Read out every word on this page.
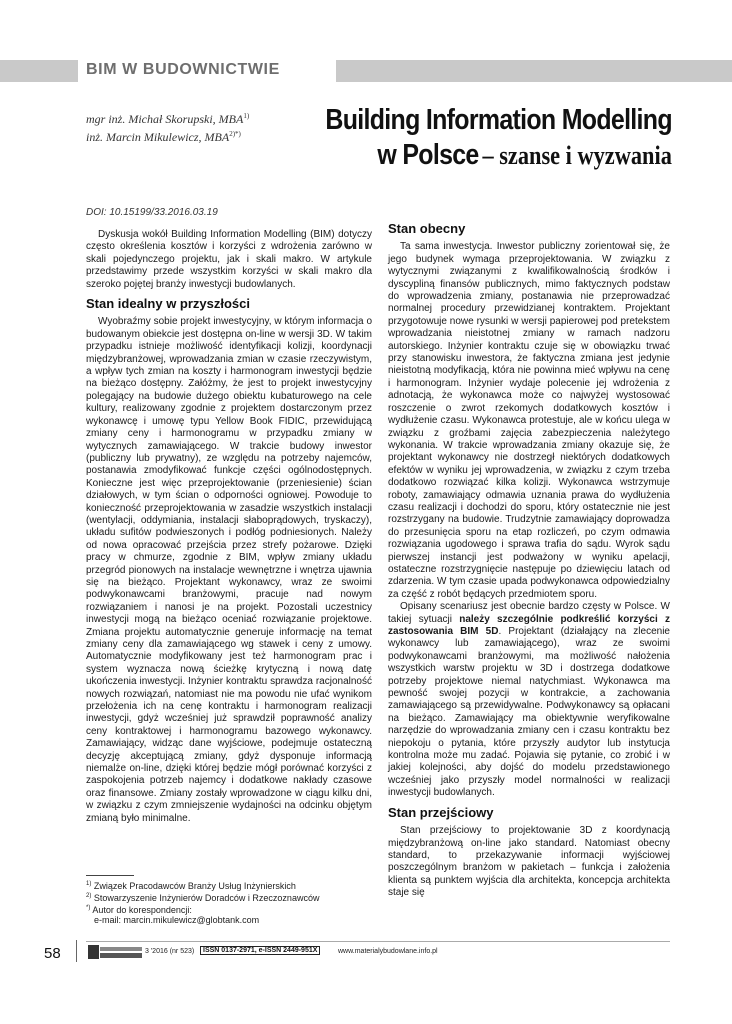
BIM W BUDOWNICTWIE
mgr inż. Michał Skorupski, MBA$^{1)}$
inż. Marcin Mikulewicz, $MBA^{2)*)}$	Building Information Modelling
w Polsce – szanse i wyzwania
DOI: 10.15199/33.2016.03.19

Dyskusja wokół Building Information Modelling (BIM) dotyczy często określenia kosztów i korzyści z wdrożenia zarówno w skali pojedynczego projektu, jak i skali makro. W artykule przedstawimy przede wszystkim korzyści w skali makro dla szeroko pojętej branży inwestycji budowlanych.

Stan idealny w przyszłości

Wyobraźmy sobie projekt inwestycyjny, w którym informacja o budowanym obiekcie jest dostępna on-line w wersji 3D. W takim przypadku istnieje możliwość identyfikacji kolizji, koordynacji międzybranżowej, wprowadzania zmian w czasie rzeczywistym, a wpływ tych zmian na koszty i harmonogram inwestycji będzie na bieżąco dostępny. Załóżmy, że jest to projekt inwestycyjny polegający na budowie dużego obiektu kubaturowego na cele kultury, realizowany zgodnie z projektem dostarczonym przez wykonawcę i umowę typu Yellow Book FIDIC, przewidującą zmiany ceny i harmonogramu w przypadku zmiany w wytycznych zamawiającego. W trakcie budowy inwestor (publiczny lub prywatny), ze względu na potrzeby najemców, postanawia zmodyfikować funkcje części ogólnodostępnych. Konieczne jest więc przeprojektowanie (przeniesienie) ścian działowych, w tym ścian o odporności ogniowej. Powoduje to konieczność przeprojektowania w zasadzie wszystkich instalacji (wentylacji, oddymiania, instalacji słaboprądowych, tryskaczy), układu sufitów podwieszonych i podłóg podniesionych. Należy od nowa opracować przejścia przez strefy pożarowe. Dzięki pracy w chmurze, zgodnie z BIM, wpływ zmiany układu przegród pionowych na instalacje wewnętrzne i wnętrza ujawnia się na bieżąco. Projektant wykonawcy, wraz ze swoimi podwykonawcami branżowymi, pracuje nad nowym rozwiązaniem i nanosi je na projekt. Pozostali uczestnicy inwestycji mogą na bieżąco oceniać rozwiązanie projektowe. Zmiana projektu automatycznie generuje informację na temat zmiany ceny dla zamawiającego wg stawek i ceny z umowy. Automatycznie modyfikowany jest też harmonogram prac i system wyznacza nową ścieżkę krytyczną i nową datę ukończenia inwestycji. Inżynier kontraktu sprawdza racjonalność nowych rozwiązań, natomiast nie ma powodu nie ufać wynikom przełożenia ich na cenę kontraktu i harmonogram realizacji inwestycji, gdyż wcześniej już sprawdził poprawność analizy ceny kontraktowej i harmonogramu bazowego wykonawcy. Zamawiający, widząc dane wyjściowe, podejmuje ostateczną decyzję akceptującą zmiany, gdyż dysponuje informacją niemalże on-line, dzięki której będzie mógł porównać korzyści z zaspokojenia potrzeb najemcy i dodatkowe nakłady czasowe oraz finansowe. Zmiany zostały wprowadzone w ciągu kilku dni, w związku z czym zmniejszenie wydajności na odcinku objętym zmianą było minimalne.

Stan obecny

Ta sama inwestycja. Inwestor publiczny zorientował się, że jego budynek wymaga przeprojektowania. W związku z wytycznymi związanymi z kwalifikowalnością środków i dyscypliną finansów publicznych, mimo faktycznych podstaw do wprowadzenia zmiany, postanawia nie przeprowadzać normalnej procedury przewidzianej kontraktem. Projektant przygotowuje nowe rysunki w wersji papierowej pod pretekstem wprowadzania nieistotnej zmiany w ramach nadzoru autorskiego. Inżynier kontraktu czuje się w obowiązku trwać przy stanowisku inwestora, że faktyczna zmiana jest jedynie nieistotną modyfikacją, która nie powinna mieć wpływu na cenę i harmonogram. Inżynier wydaje polecenie jej wdrożenia z adnotacją, że wykonawca może co najwyżej wystosować roszczenie o zwrot rzekomych dodatkowych kosztów i wydłużenie czasu. Wykonawca protestuje, ale w końcu ulega w związku z groźbami zajęcia zabezpieczenia należytego wykonania. W trakcie wprowadzania zmiany okazuje się, że projektant wykonawcy nie dostrzegł niektórych dodatkowych efektów w wyniku jej wprowadzenia, w związku z czym trzeba dodatkowo rozwiązać kilka kolizji. Wykonawca wstrzymuje roboty, zamawiający odmawia uznania prawa do wydłużenia czasu realizacji i dochodzi do sporu, który ostatecznie nie jest rozstrzygany na budowie. Trudzytnie zamawiający doprowadza do przesunięcia sporu na etap rozliczeń, po czym odmawia rozwiązania ugodowego i sprawa trafia do sądu. Wyrok sądu pierwszej instancji jest podważony w wyniku apelacji, ostateczne rozstrzygnięcie następuje po dziewięciu latach od zdarzenia. W tym czasie upada podwykonawca odpowiedzialny za część z robót będących przedmiotem sporu.

Opisany scenariusz jest obecnie bardzo częsty w Polsce. W takiej sytuacji należy szczególnie podkreślić korzyści z zastosowania BIM 5D. Projektant (działający na zlecenie wykonawcy lub zamawiającego), wraz ze swoimi podwykonawcami branżowymi, ma możliwość nałożenia wszystkich warstw projektu w 3D i dostrzega dodatkowe potrzeby projektowe niemal natychmiast. Wykonawca ma pewność swojej pozycji w kontrakcie, a zachowania zamawiającego są przewidywalne. Podwykonawcy są opłacani na bieżąco. Zamawiający ma obiektywnie weryfikowalne narzędzie do wprowadzania zmiany cen i czasu kontraktu bez niepokoju o pytania, które przyszły audytor lub instytucja kontrolna może mu zadać. Pojawia się pytanie, co zrobić i w jakiej kolejności, aby dojść do modelu przedstawionego wcześniej jako przyszły model normalności w realizacji inwestycji budowlanych.

Stan przejściowy

Stan przejściowy to projektowanie 3D z koordynacją międzybranżową on-line jako standard. Natomiast obecny standard, to przekazywanie informacji wyjściowej poszczególnym branżom w pakietach – funkcja i założenia klienta są punktem wyjścia dla architekta, koncepcja architekta staje się

$^{1)}$ Związek Pracodawców Branży Usług Inżynierskich
$^{2)}$ Stowarzyszenie Inżynierów Doradców i Rzeczoznawców
*) Autor do korespondencji:
e-mail: marcin.mikulewicz@globtank.com
58	3 '2016 (nr 523)	ISSN 0137-2971, e-ISSN 2449-951X	www.materialybudowlane.info.pl
